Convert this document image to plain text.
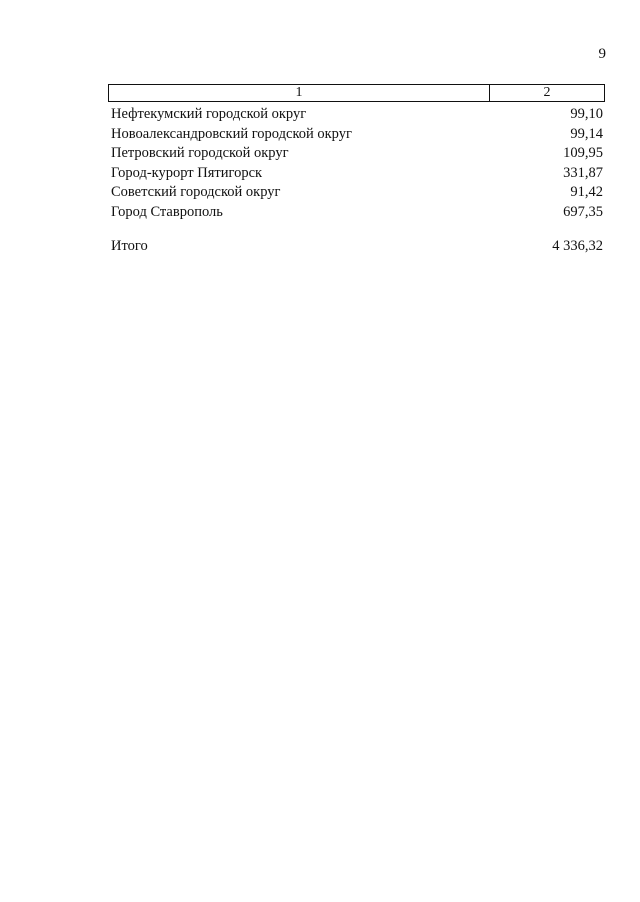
9
1	2
Нефтекумский городской округ	99,10
Новоалександровский городской округ	99,14
Петровский городской округ	109,95
Город-курорт Пятигорск	331,87
Советский городской округ	91,42
Город Ставрополь	697,35
Итого	4 336,32
